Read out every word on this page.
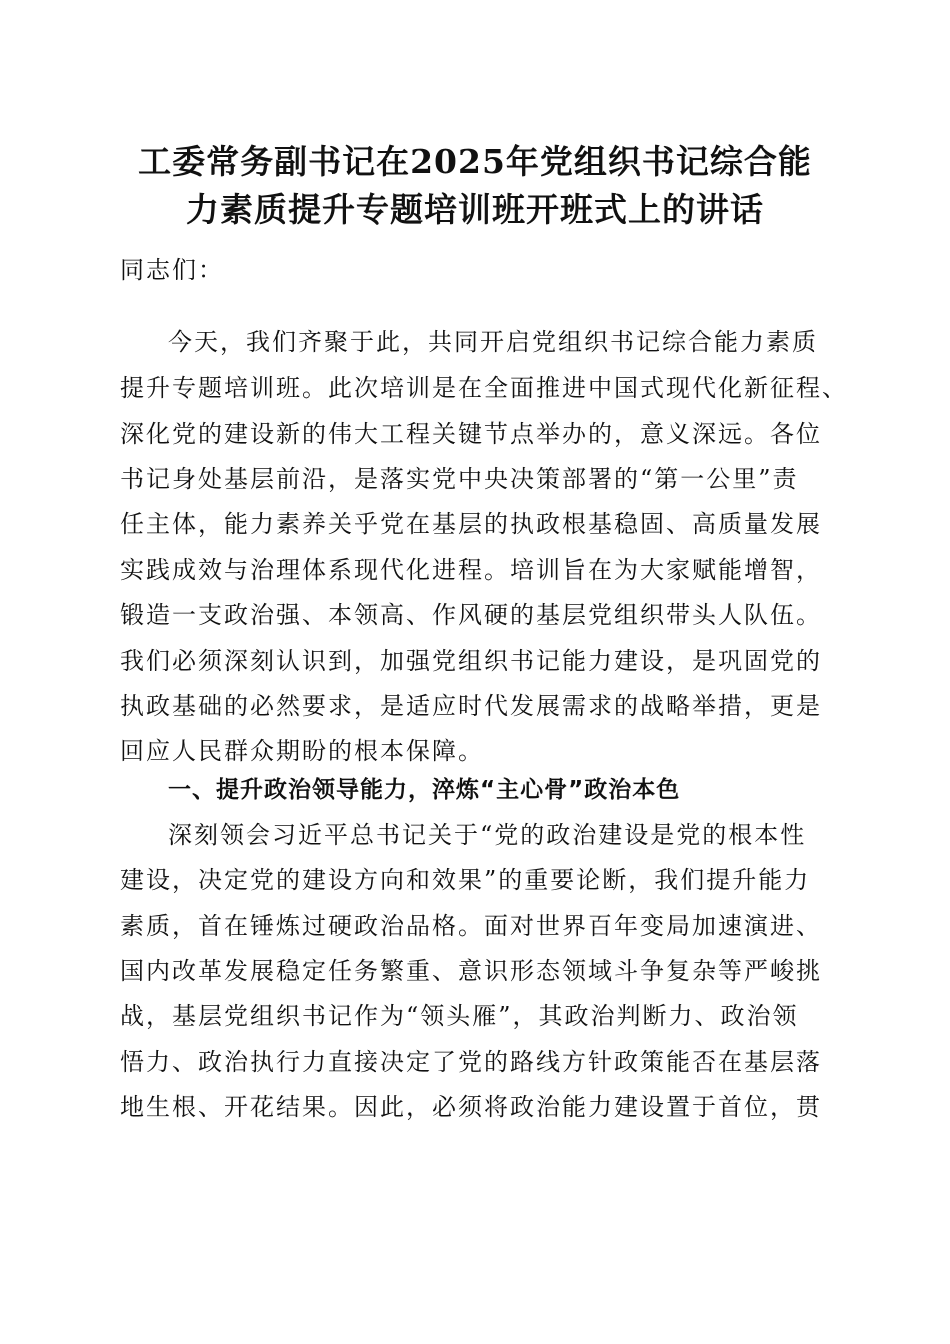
工委常务副书记在2025年党组织书记综合能
力素质提升专题培训班开班式上的讲话
同志们：
今天，我们齐聚于此，共同开启党组织书记综合能力素质
提升专题培训班。此次培训是在全面推进中国式现代化新征程、
深化党的建设新的伟大工程关键节点举办的，意义深远。各位
书记身处基层前沿，是落实党中央决策部署的“第一公里”责
任主体，能力素养关乎党在基层的执政根基稳固、高质量发展
实践成效与治理体系现代化进程。培训旨在为大家赋能增智，
锻造一支政治强、本领高、作风硬的基层党组织带头人队伍。
我们必须深刻认识到，加强党组织书记能力建设，是巩固党的
执政基础的必然要求，是适应时代发展需求的战略举措，更是
回应人民群众期盼的根本保障。
一、提升政治领导能力，淬炼“主心骨”政治本色
深刻领会习近平总书记关于“党的政治建设是党的根本性
建设，决定党的建设方向和效果”的重要论断，我们提升能力
素质，首在锤炼过硬政治品格。面对世界百年变局加速演进、
国内改革发展稳定任务繁重、意识形态领域斗争复杂等严峻挑
战，基层党组织书记作为“领头雁”，其政治判断力、政治领
悟力、政治执行力直接决定了党的路线方针政策能否在基层落
地生根、开花结果。因此，必须将政治能力建设置于首位，贯
